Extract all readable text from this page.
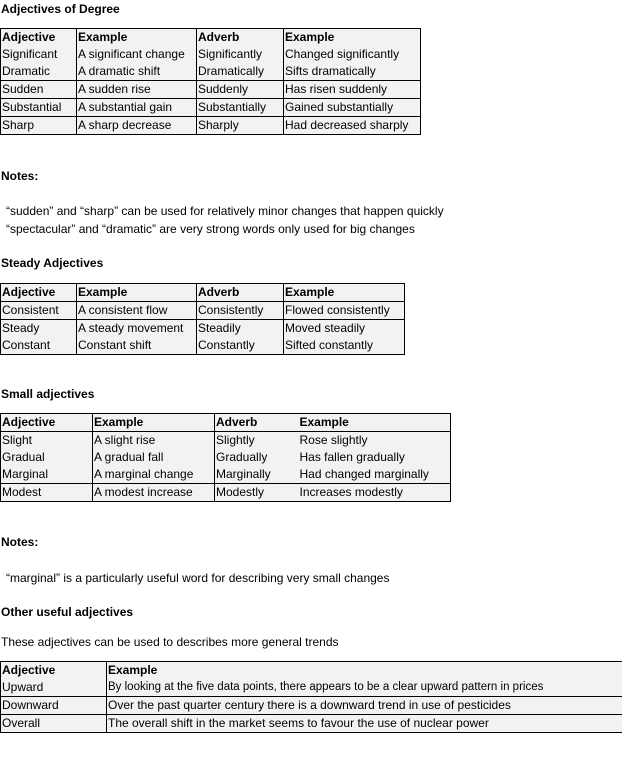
Adjectives of Degree
Adjective	Example	Adverb	Example
Significant	A significant change	Significantly	Changed significantly
Dramatic	A dramatic shift	Dramatically	Sifts dramatically
Sudden	A sudden rise	Suddenly	Has risen suddenly
Substantial	A substantial gain	Substantially	Gained substantially
Sharp	A sharp decrease	Sharply	Had decreased sharply
Notes:
“sudden” and “sharp” can be used for relatively minor changes that happen quickly
“spectacular” and “dramatic” are very strong words only used for big changes
Steady Adjectives
Adjective	Example	Adverb	Example
Consistent	A consistent flow	Consistently	Flowed consistently
Steady	A steady movement	Steadily	Moved steadily
Constant	Constant shift	Constantly	Sifted constantly
Small adjectives
Adjective	Example	Adverb	Example
Slight	A slight rise	Slightly	Rose slightly
Gradual	A gradual fall	Gradually	Has fallen gradually
Marginal	A marginal change	Marginally	Had changed marginally
Modest	A modest increase	Modestly	Increases modestly
Notes:
“marginal” is a particularly useful word for describing very small changes
Other useful adjectives
These adjectives can be used to describes more general trends
Adjective	Example
Upward	By looking at the five data points, there appears to be a clear upward pattern in prices
Downward	Over the past quarter century there is a downward trend in use of pesticides
Overall	The overall shift in the market seems to favour the use of nuclear power
